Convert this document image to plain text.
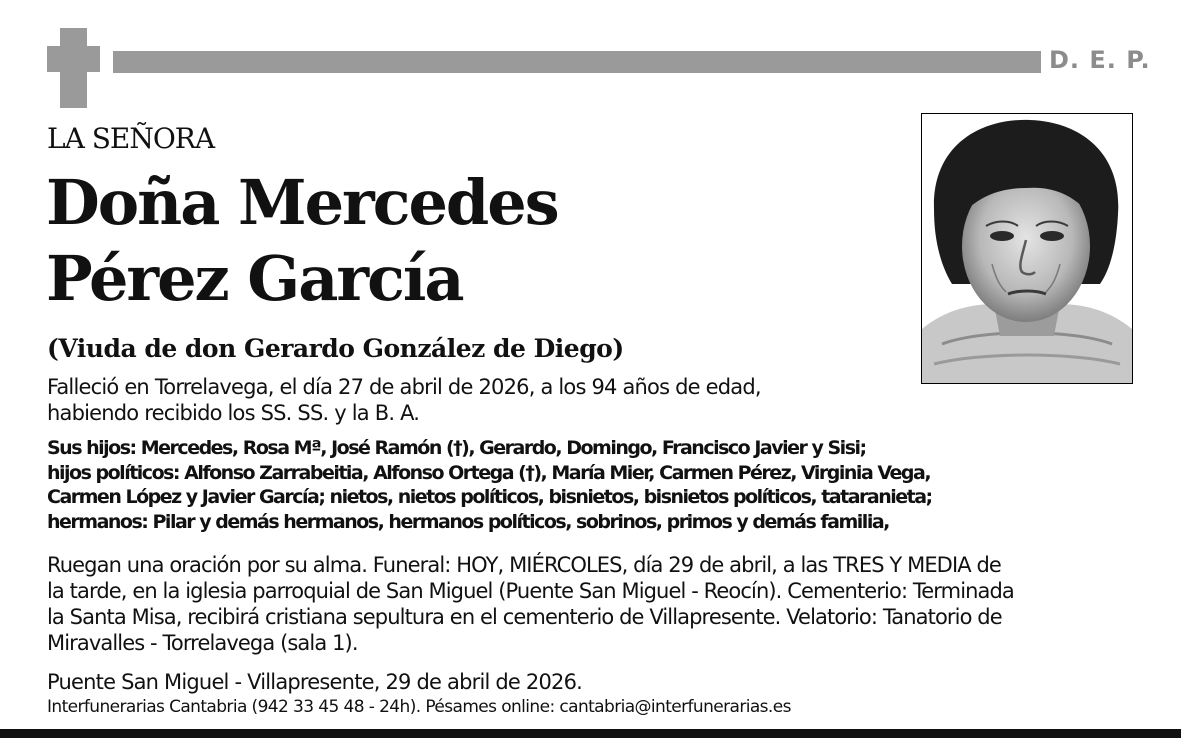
D. E. P.
LA SEÑORA
Doña Mercedes
Pérez García
(Viuda de don Gerardo González de Diego)
Falleció en Torrelavega, el día 27 de abril de 2026, a los 94 años de edad,
habiendo recibido los SS. SS. y la B. A.
Sus hijos: Mercedes, Rosa Mª, José Ramón (†), Gerardo, Domingo, Francisco Javier y Sisi;
hijos políticos: Alfonso Zarrabeitia, Alfonso Ortega (†), María Mier, Carmen Pérez, Virginia Vega,
Carmen López y Javier García; nietos, nietos políticos, bisnietos, bisnietos políticos, tataranieta;
hermanos: Pilar y demás hermanos, hermanos políticos, sobrinos, primos y demás familia,
Ruegan una oración por su alma. Funeral: HOY, MIÉRCOLES, día 29 de abril, a las TRES Y MEDIA de
la tarde, en la iglesia parroquial de San Miguel (Puente San Miguel - Reocín). Cementerio: Terminada
la Santa Misa, recibirá cristiana sepultura en el cementerio de Villapresente. Velatorio: Tanatorio de
Miravalles - Torrelavega (sala 1).
Puente San Miguel - Villapresente, 29 de abril de 2026.
Interfunerarias Cantabria (942 33 45 48 - 24h). Pésames online: cantabria@interfunerarias.es
